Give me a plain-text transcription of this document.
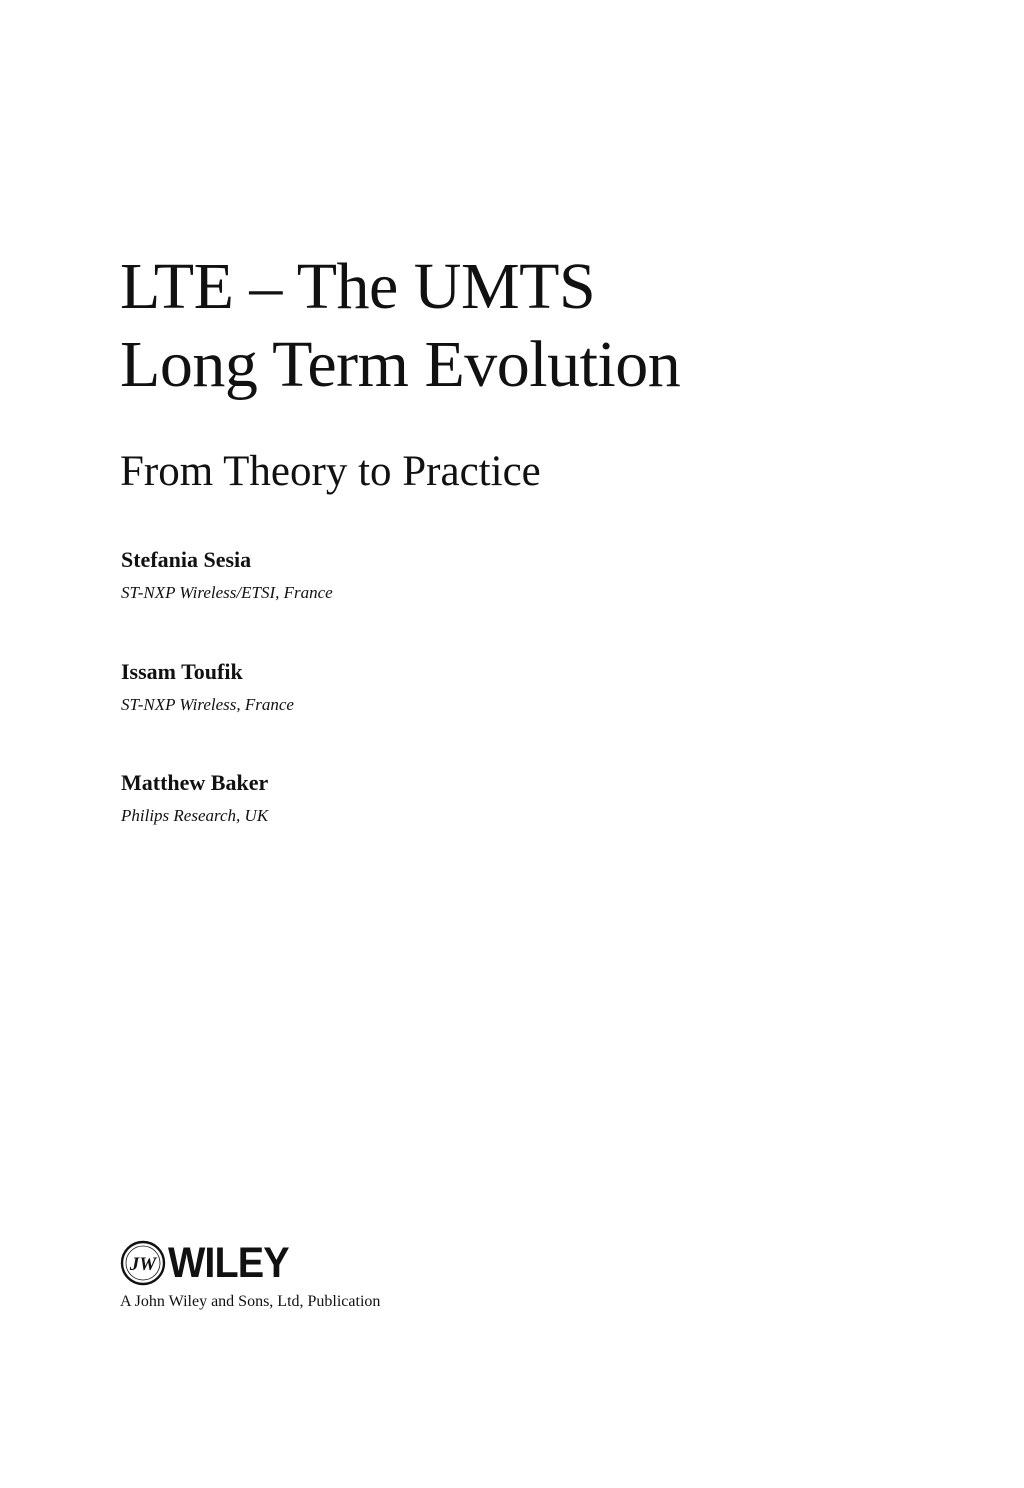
LTE – The UMTS
Long Term Evolution
From Theory to Practice
Stefania Sesia
ST-NXP Wireless/ETSI, France
Issam Toufik
ST-NXP Wireless, France
Matthew Baker
Philips Research, UK
JW WILEY
A John Wiley and Sons, Ltd, Publication
